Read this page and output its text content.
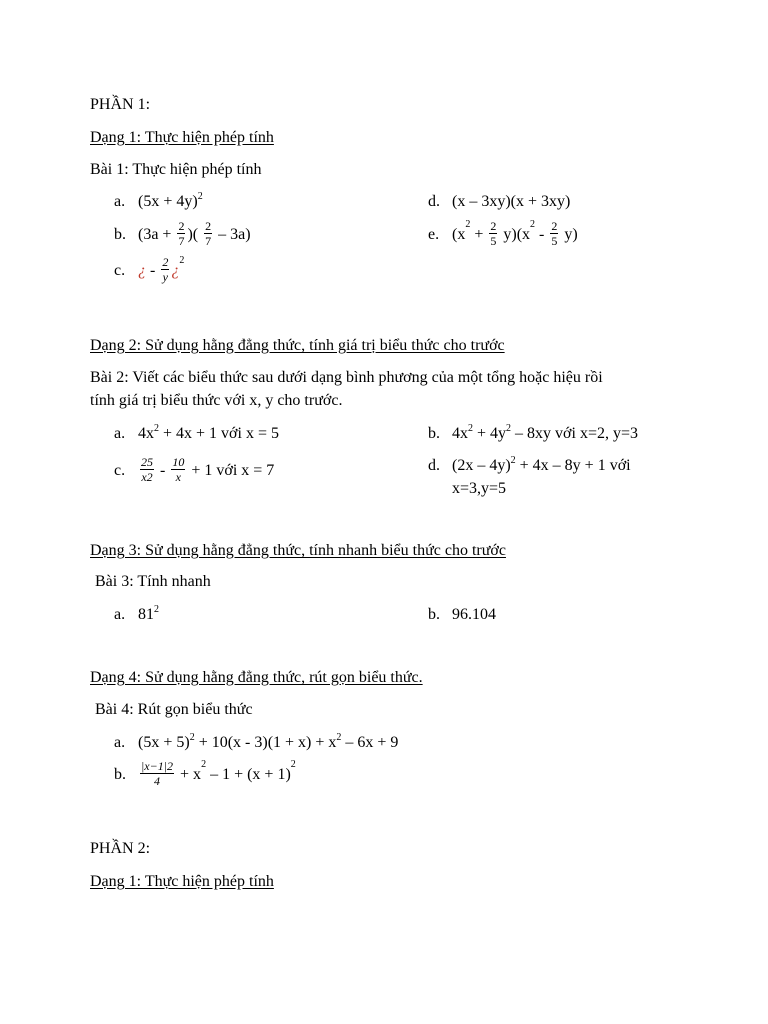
PHẦN 1:
Dạng 1: Thực hiện phép tính
Bài 1: Thực hiện phép tính
a. $(5x + 4y)^2$
b. ($3a + \frac{2}{7}$ )( $\frac{2}{7} - 3a$)
c. ¿ - $\frac{2}{y}$ ¿$^2$
d. (x – 3xy)(x + 3xy)
e. $(x^2 + \frac{2}{5} y)(x^2 - \frac{2}{5} y)$
Dạng 2: Sử dụng hằng đẳng thức, tính giá trị biểu thức cho trước
Bài 2: Viết các biểu thức sau dưới dạng bình phương của một tổng hoặc hiệu rồi
tính giá trị biểu thức với x, y cho trước.
a. $4x^2 + 4x + 1$ với x = 5
c. $\frac{25}{x2} - \frac{10}{x} + 1$ với x = 7
b. $4x^2 + 4y^2 - 8xy$ với x=2, y=3
d. (2x – 4y)$^2$ + 4x – 8y + 1 với
x=3,y=5
Dạng 3: Sử dụng hằng đẳng thức, tính nhanh biểu thức cho trước
Bài 3: Tính nhanh
a. $81^2$	b. 96.104
Dạng 4: Sử dụng hằng đẳng thức, rút gọn biểu thức.
Bài 4: Rút gọn biểu thức
a. $(5x + 5)^2 + 10(x - 3)(1 + x) + x^2 - 6x + 9$
b. $\frac{|x-1|2}{4} + x^2 - 1 + (x + 1)^2$
PHẦN 2:
Dạng 1: Thực hiện phép tính
